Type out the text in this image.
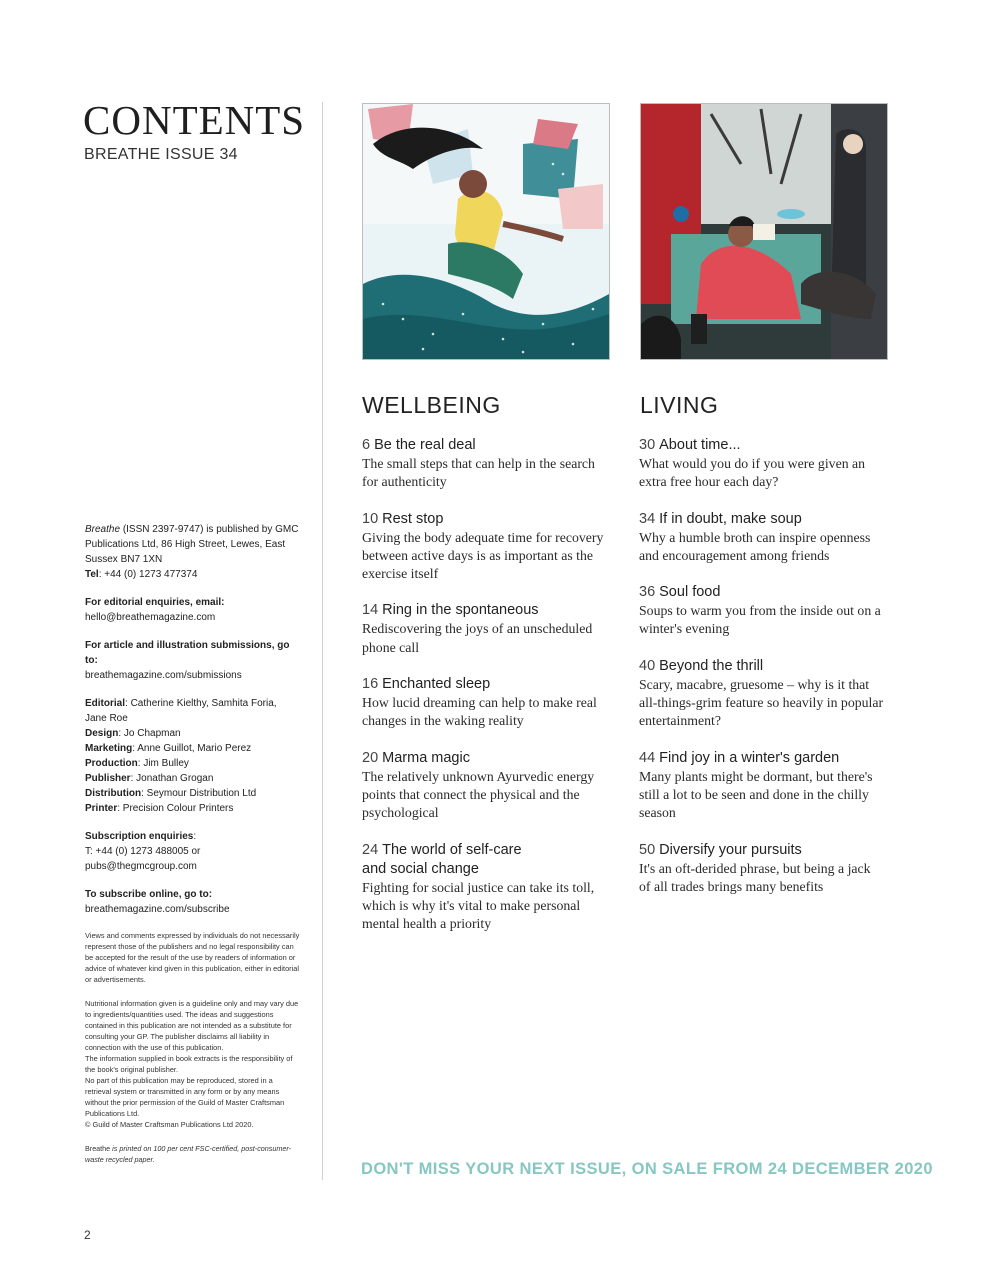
CONTENTS
BREATHE ISSUE 34

Breathe (ISSN 2397-9747) is published by GMC Publications Ltd, 86 High Street, Lewes, East Sussex BN7 1XN
Tel: +44 (0) 1273 477374

For editorial enquiries, email:
hello@breathemagazine.com

For article and illustration submissions, go to:
breathemagazine.com/submissions

Editorial: Catherine Kielthy, Samhita Foria, Jane Roe
Design: Jo Chapman
Marketing: Anne Guillot, Mario Perez
Production: Jim Bulley
Publisher: Jonathan Grogan
Distribution: Seymour Distribution Ltd
Printer: Precision Colour Printers

Subscription enquiries:
T: +44 (0) 1273 488005 or
pubs@thegmcgroup.com

To subscribe online, go to:
breathemagazine.com/subscribe

Views and comments expressed by individuals do not necessarily represent those of the publishers and no legal responsibility can be accepted for the result of the use by readers of information or advice of whatever kind given in this publication, either in editorial or advertisements.

Nutritional information given is a guideline only and may vary due to ingredients/quantities used. The ideas and suggestions contained in this publication are not intended as a substitute for consulting your GP. The publisher disclaims all liability in connection with the use of this publication.

The information supplied in book extracts is the responsibility of the book's original publisher.

No part of this publication may be reproduced, stored in a retrieval system or transmitted in any form or by any means without the prior permission of the Guild of Master Craftsman Publications Ltd.

© Guild of Master Craftsman Publications Ltd 2020.

Breathe is printed on 100 per cent FSC-certified, post-consumer-waste recycled paper.

WELLBEING	LIVING
6 Be the real deal
The small steps that can help in the search for authenticity
10 Rest stop
Giving the body adequate time for recovery between active days is as important as the exercise itself
14 Ring in the spontaneous
Rediscovering the joys of an unscheduled phone call
16 Enchanted sleep
How lucid dreaming can help to make real changes in the waking reality
20 Marma magic
The relatively unknown Ayurvedic energy points that connect the physical and the psychological
24 The world of self-care and social change
Fighting for social justice can take its toll, which is why it's vital to make personal mental health a priority
30 About time...
What would you do if you were given an extra free hour each day?
34 If in doubt, make soup
Why a humble broth can inspire openness and encouragement among friends
36 Soul food
Soups to warm you from the inside out on a winter's evening
40 Beyond the thrill
Scary, macabre, gruesome – why is it that all-things-grim feature so heavily in popular entertainment?
44 Find joy in a winter's garden
Many plants might be dormant, but there's still a lot to be seen and done in the chilly season
50 Diversify your pursuits
It's an oft-derided phrase, but being a jack of all trades brings many benefits
DON'T MISS YOUR NEXT ISSUE, ON SALE FROM 24 DECEMBER 2020
2
